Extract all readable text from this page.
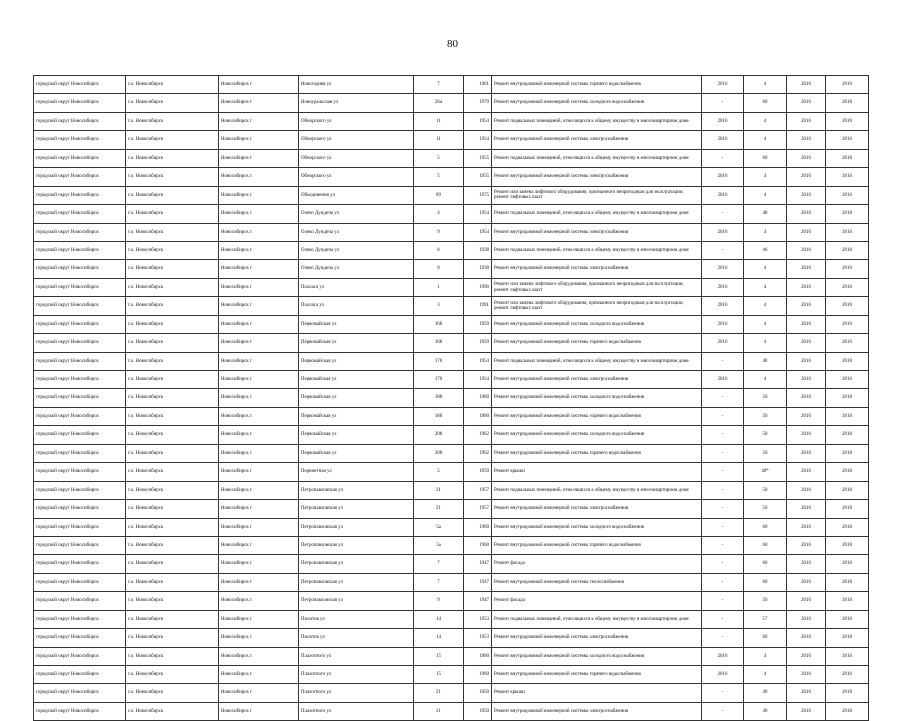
80
городской округ Новосибирск	г.о. Новосибирск	Новосибирск г	Новогодняя ул	7	1961	Ремонт внутридомовой инженерной системы горячего водоснабжения	2016	4	2016	2016
городской округ Новосибирск	г.о. Новосибирск	Новосибирск г	Новоуральская ул	26а	1979	Ремонт внутридомовой инженерной системы холодного водоснабжения	-	60	2016	2018
городской округ Новосибирск	г.о. Новосибирск	Новосибирск г	Обнорского ул	11	1954	Ремонт подвальных помещений, относящихся к общему имуществу в многоквартирном доме	2016	4	2016	2016
городской округ Новосибирск	г.о. Новосибирск	Новосибирск г	Обнорского ул	11	1954	Ремонт внутридомовой инженерной системы электроснабжения	2016	4	2016	2016
городской округ Новосибирск	г.о. Новосибирск	Новосибирск г	Обнорского ул	5	1955	Ремонт подвальных помещений, относящихся к общему имуществу в многоквартирном доме	-	60	2016	2018
городской округ Новосибирск	г.о. Новосибирск	Новосибирск г	Обнорского ул	5	1955	Ремонт внутридомовой инженерной системы электроснабжения	2016	4	2016	2016
городской округ Новосибирск	г.о. Новосибирск	Новосибирск г	Объединения ул	89	1975	Ремонт или замена лифтового оборудования, признанного непригодным для эксплуатации, ремонт лифтовых шахт	2016	4	2016	2016
городской округ Новосибирск	г.о. Новосибирск	Новосибирск г	Олеко Дундича ул	4	1954	Ремонт подвальных помещений, относящихся к общему имуществу в многоквартирном доме	-	48	2016	2018
городской округ Новосибирск	г.о. Новосибирск	Новосибирск г	Олеко Дундича ул	9	1954	Ремонт внутридомовой инженерной системы электроснабжения	2016	4	2016	2016
городской округ Новосибирск	г.о. Новосибирск	Новосибирск г	Олеко Дундича ул	8	1938	Ремонт подвальных помещений, относящихся к общему имуществу в многоквартирном доме	-	46	2016	2018
городской округ Новосибирск	г.о. Новосибирск	Новосибирск г	Олеко Дундича ул	8	1938	Ремонт внутридомовой инженерной системы электроснабжения	2016	4	2016	2016
городской округ Новосибирск	г.о. Новосибирск	Новосибирск г	Палласа ул	1	1990	Ремонт или замена лифтового оборудования, признанного непригодным для эксплуатации, ремонт лифтовых шахт	2016	4	2016	2016
городской округ Новосибирск	г.о. Новосибирск	Новосибирск г	Палласа ул	3	1991	Ремонт или замена лифтового оборудования, признанного непригодным для эксплуатации, ремонт лифтовых шахт	2016	4	2016	2016
городской округ Новосибирск	г.о. Новосибирск	Новосибирск г	Первомайская ул	168	1959	Ремонт внутридомовой инженерной системы холодного водоснабжения	2016	4	2016	2016
городской округ Новосибирск	г.о. Новосибирск	Новосибирск г	Первомайская ул	168	1959	Ремонт внутридомовой инженерной системы горячего водоснабжения	2016	4	2016	2016
городской округ Новосибирск	г.о. Новосибирск	Новосибирск г	Первомайская ул	170	1954	Ремонт подвальных помещений, относящихся к общему имуществу в многоквартирном доме	-	48	2016	2018
городской округ Новосибирск	г.о. Новосибирск	Новосибирск г	Первомайская ул	170	1954	Ремонт внутридомовой инженерной системы электроснабжения	2016	4	2016	2016
городской округ Новосибирск	г.о. Новосибирск	Новосибирск г	Первомайская ул	188	1960	Ремонт внутридомовой инженерной системы холодного водоснабжения	-	50	2016	2018
городской округ Новосибирск	г.о. Новосибирск	Новосибирск г	Первомайская ул	188	1960	Ремонт внутридомовой инженерной системы горячего водоснабжения	-	50	2016	2018
городской округ Новосибирск	г.о. Новосибирск	Новосибирск г	Первомайская ул	208	1962	Ремонт внутридомовой инженерной системы холодного водоснабжения	-	50	2016	2018
городской округ Новосибирск	г.о. Новосибирск	Новосибирск г	Первомайская ул	208	1962	Ремонт внутридомовой инженерной системы горячего водоснабжения	-	50	2016	2018
городской округ Новосибирск	г.о. Новосибирск	Новосибирск г	Переметная ул	5	1959	Ремонт крыши	-	40*	2016	2018
городской округ Новосибирск	г.о. Новосибирск	Новосибирск г	Петропавловская ул	21	1957	Ремонт подвальных помещений, относящихся к общему имуществу в многоквартирном доме	-	50	2016	2018
городской округ Новосибирск	г.о. Новосибирск	Новосибирск г	Петропавловская ул	21	1957	Ремонт внутридомовой инженерной системы электроснабжения	-	50	2016	2018
городской округ Новосибирск	г.о. Новосибирск	Новосибирск г	Петропавловская ул	5а	1960	Ремонт внутридомовой инженерной системы холодного водоснабжения	-	60	2016	2018
городской округ Новосибирск	г.о. Новосибирск	Новосибирск г	Петропавловская ул	5а	1960	Ремонт внутридомовой инженерной системы горячего водоснабжения	-	60	2016	2018
городской округ Новосибирск	г.о. Новосибирск	Новосибирск г	Петропавловская ул	7	1947	Ремонт фасада	-	60	2016	2018
городской округ Новосибирск	г.о. Новосибирск	Новосибирск г	Петропавловская ул	7	1947	Ремонт внутридомовой инженерной системы теплоснабжения	-	60	2016	2018
городской округ Новосибирск	г.о. Новосибирск	Новосибирск г	Петропавловская ул	9	1947	Ремонт фасада	-	50	2016	2018
городской округ Новосибирск	г.о. Новосибирск	Новосибирск г	Пилотов ул	14	1953	Ремонт подвальных помещений, относящихся к общему имуществу в многоквартирном доме	-	57	2016	2018
городской округ Новосибирск	г.о. Новосибирск	Новосибирск г	Пилотов ул	14	1953	Ремонт внутридомовой инженерной системы электроснабжения	-	60	2016	2018
городской округ Новосибирск	г.о. Новосибирск	Новосибирск г	Плахотного ул	15	1960	Ремонт внутридомовой инженерной системы холодного водоснабжения	2016	4	2016	2016
городской округ Новосибирск	г.о. Новосибирск	Новосибирск г	Плахотного ул	15	1960	Ремонт внутридомовой инженерной системы горячего водоснабжения	2016	4	2016	2016
городской округ Новосибирск	г.о. Новосибирск	Новосибирск г	Плахотного ул	21	1950	Ремонт крыши	-	49	2016	2018
городской округ Новосибирск	г.о. Новосибирск	Новосибирск г	Плахотного ул	21	1950	Ремонт внутридомовой инженерной системы электроснабжения	-	49	2016	2018
